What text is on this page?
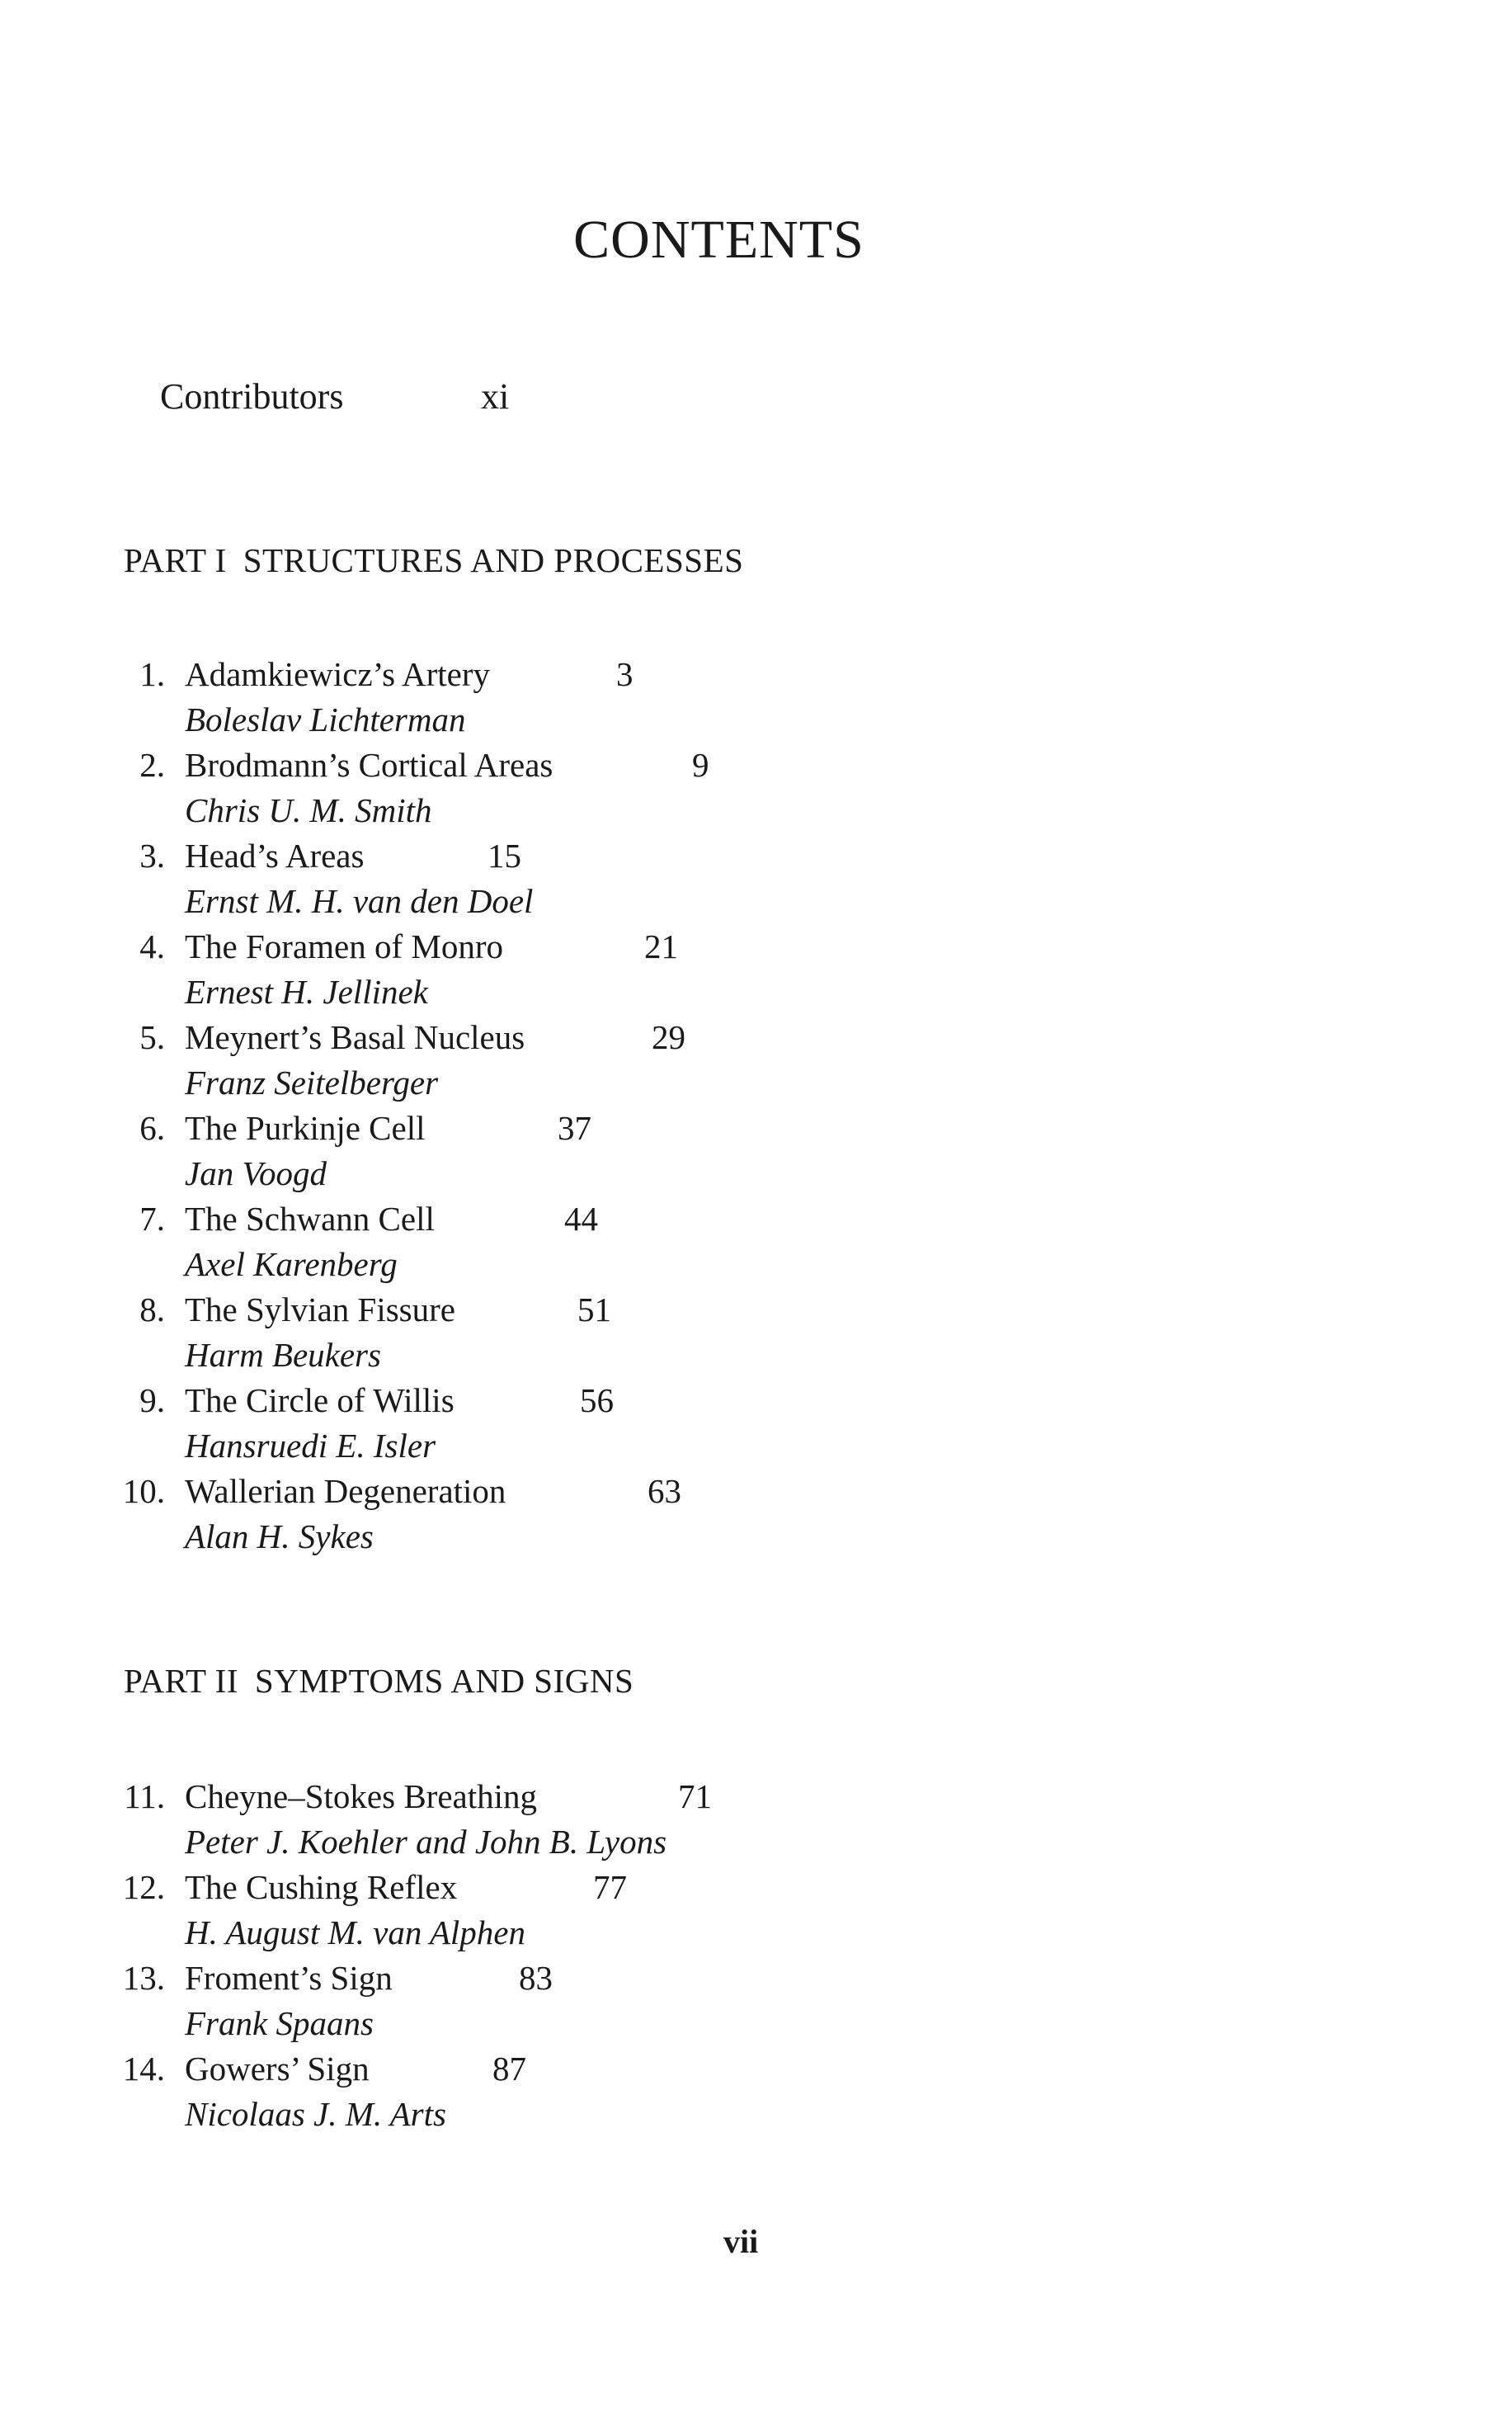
CONTENTS
Contributors	xi
PART I STRUCTURES AND PROCESSES
1. Adamkiewicz’s Artery	3
Boleslav Lichterman
2. Brodmann’s Cortical Areas	9
Chris U. M. Smith
3. Head’s Areas	15
Ernst M. H. van den Doel
4. The Foramen of Monro	21
Ernest H. Jellinek
5. Meynert’s Basal Nucleus	29
Franz Seitelberger
6. The Purkinje Cell	37
Jan Voogd
7. The Schwann Cell	44
Axel Karenberg
8. The Sylvian Fissure	51
Harm Beukers
9. The Circle of Willis	56
Hansruedi E. Isler
10. Wallerian Degeneration	63
Alan H. Sykes
PART II SYMPTOMS AND SIGNS
11. Cheyne–Stokes Breathing	71
Peter J. Koehler and John B. Lyons
12. The Cushing Reflex	77
H. August M. van Alphen
13. Froment’s Sign	83
Frank Spaans
14. Gowers’ Sign	87
Nicolaas J. M. Arts
vii
